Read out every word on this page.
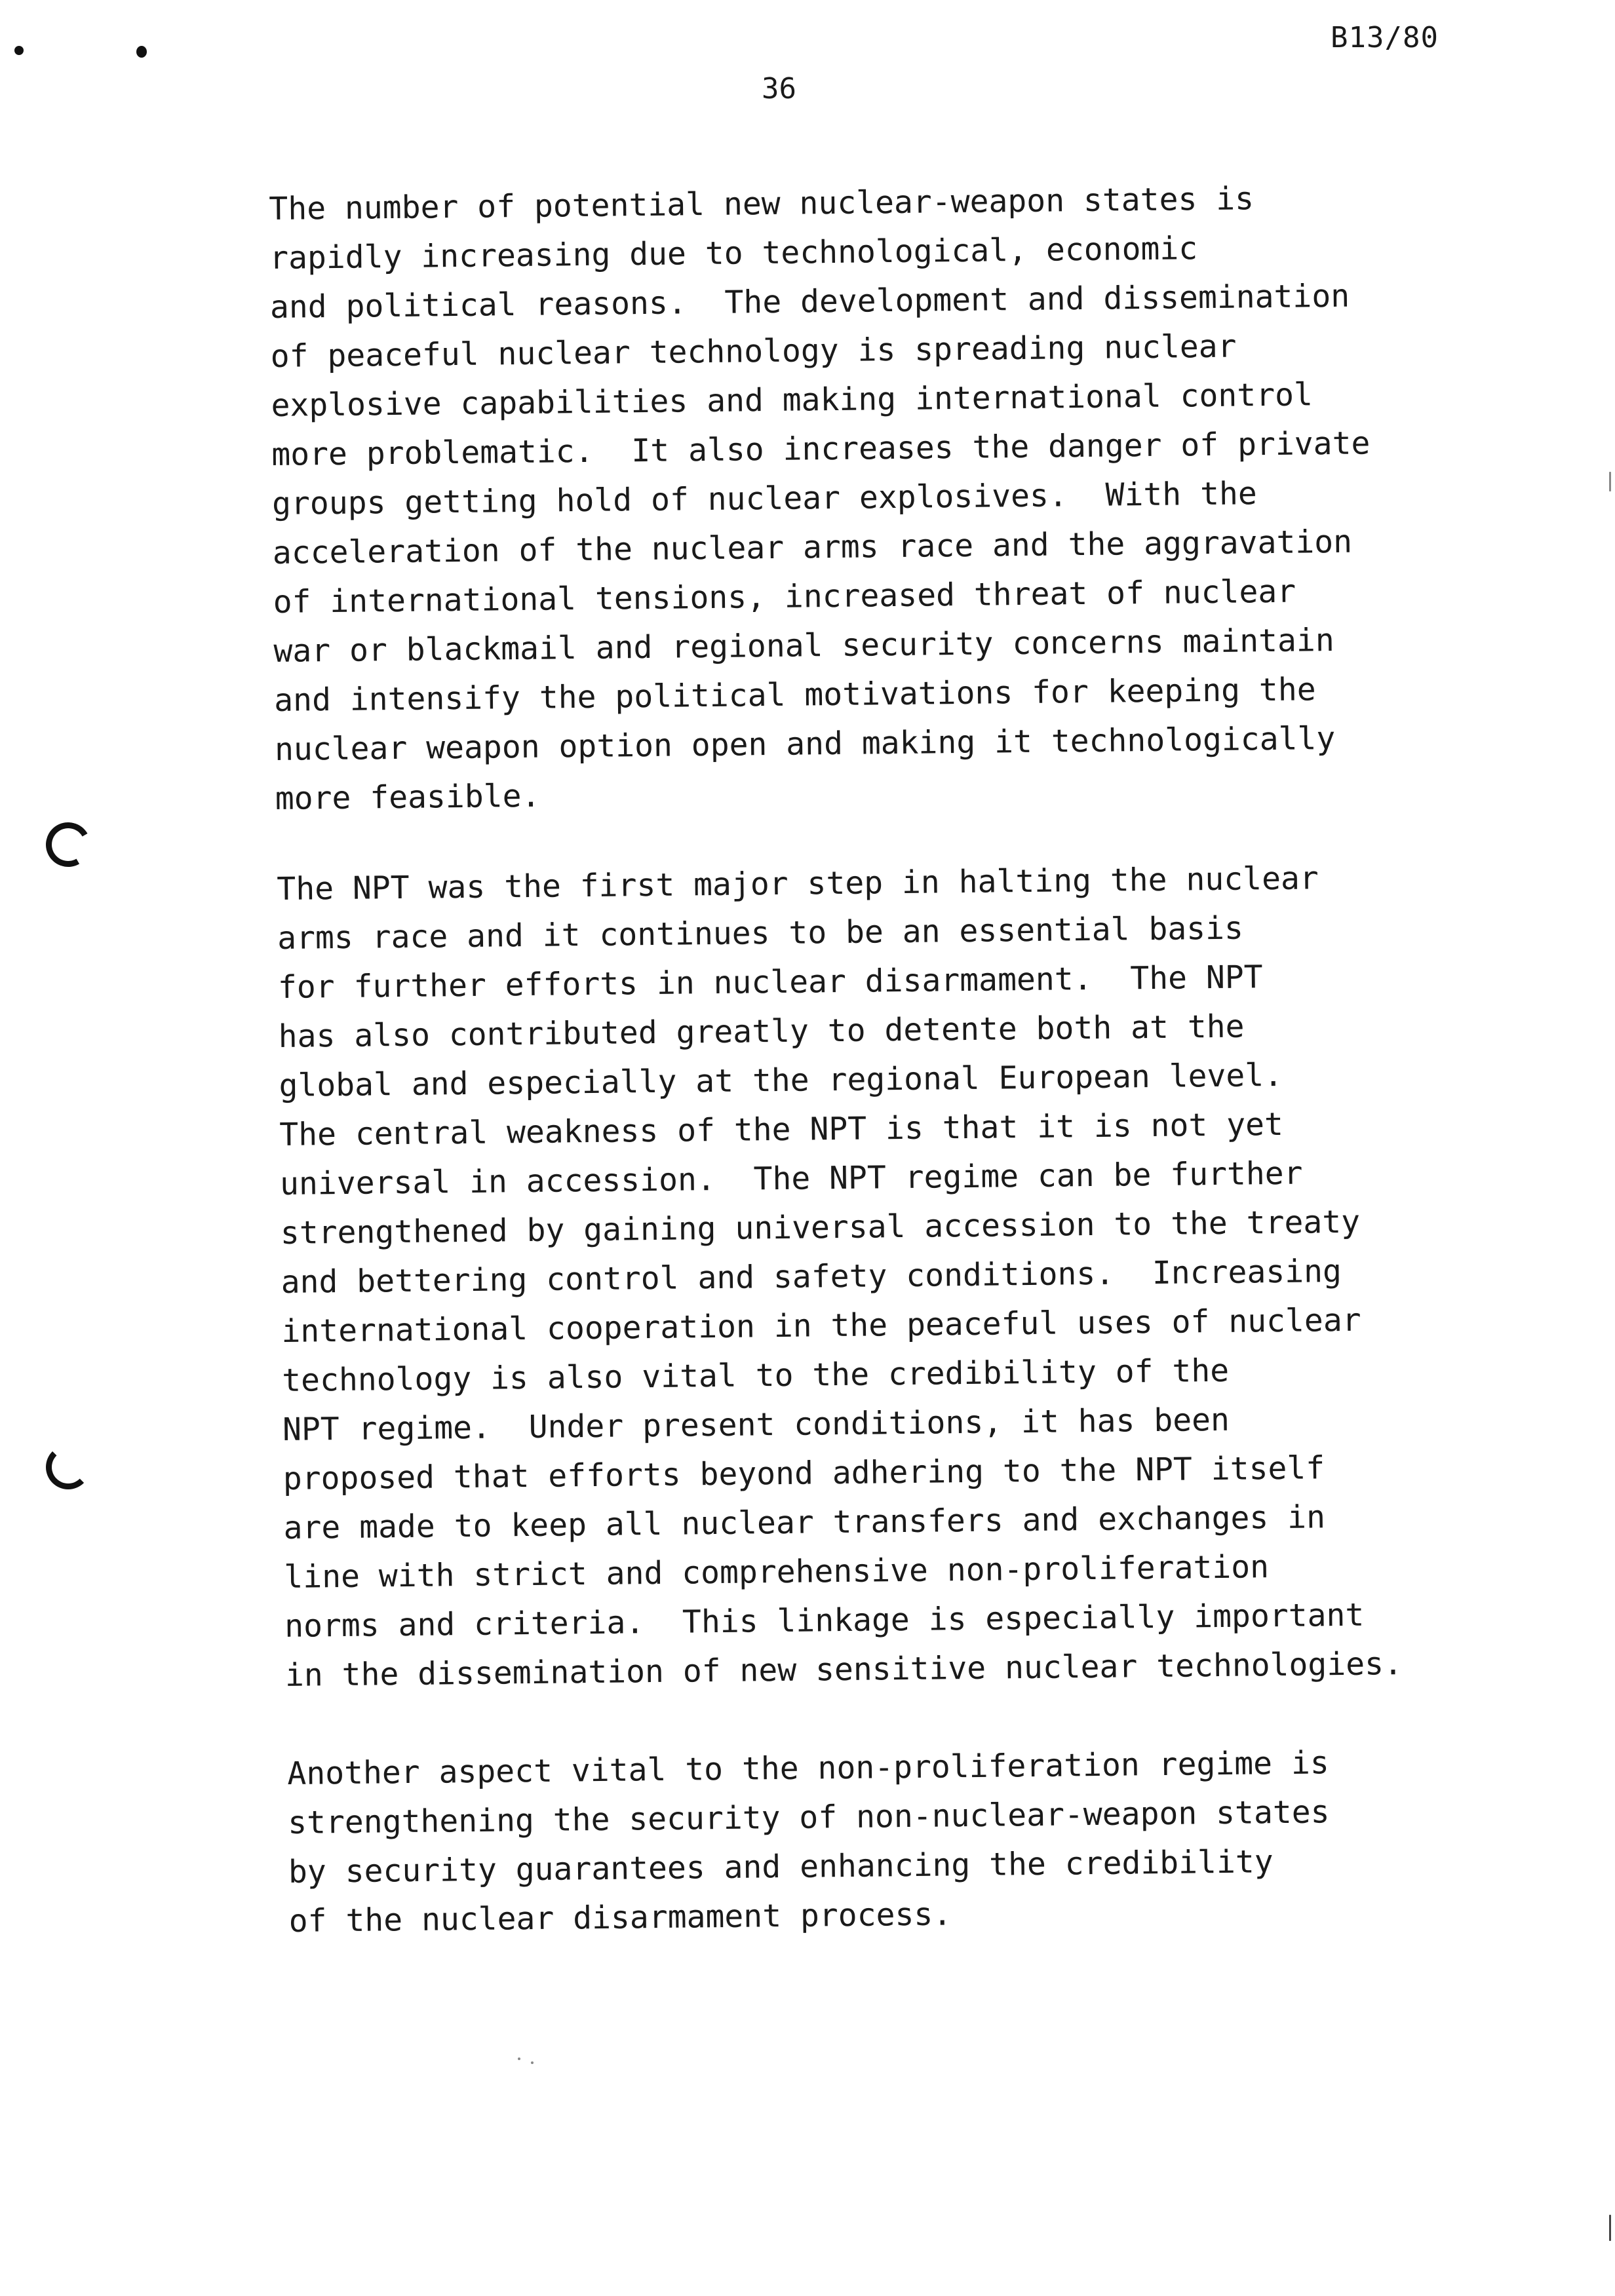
B13/80
36
The number of potential new nuclear-weapon states is
rapidly increasing due to technological, economic
and political reasons.  The development and dissemination
of peaceful nuclear technology is spreading nuclear
explosive capabilities and making international control
more problematic.  It also increases the danger of private
groups getting hold of nuclear explosives.  With the
acceleration of the nuclear arms race and the aggravation
of international tensions, increased threat of nuclear
war or blackmail and regional security concerns maintain
and intensify the political motivations for keeping the
nuclear weapon option open and making it technologically
more feasible.
The NPT was the first major step in halting the nuclear
arms race and it continues to be an essential basis
for further efforts in nuclear disarmament.  The NPT
has also contributed greatly to detente both at the
global and especially at the regional European level.
The central weakness of the NPT is that it is not yet
universal in accession.  The NPT regime can be further
strengthened by gaining universal accession to the treaty
and bettering control and safety conditions.  Increasing
international cooperation in the peaceful uses of nuclear
technology is also vital to the credibility of the
NPT regime.  Under present conditions, it has been
proposed that efforts beyond adhering to the NPT itself
are made to keep all nuclear transfers and exchanges in
line with strict and comprehensive non-proliferation
norms and criteria.  This linkage is especially important
in the dissemination of new sensitive nuclear technologies.
Another aspect vital to the non-proliferation regime is
strengthening the security of non-nuclear-weapon states
by security guarantees and enhancing the credibility
of the nuclear disarmament process.
